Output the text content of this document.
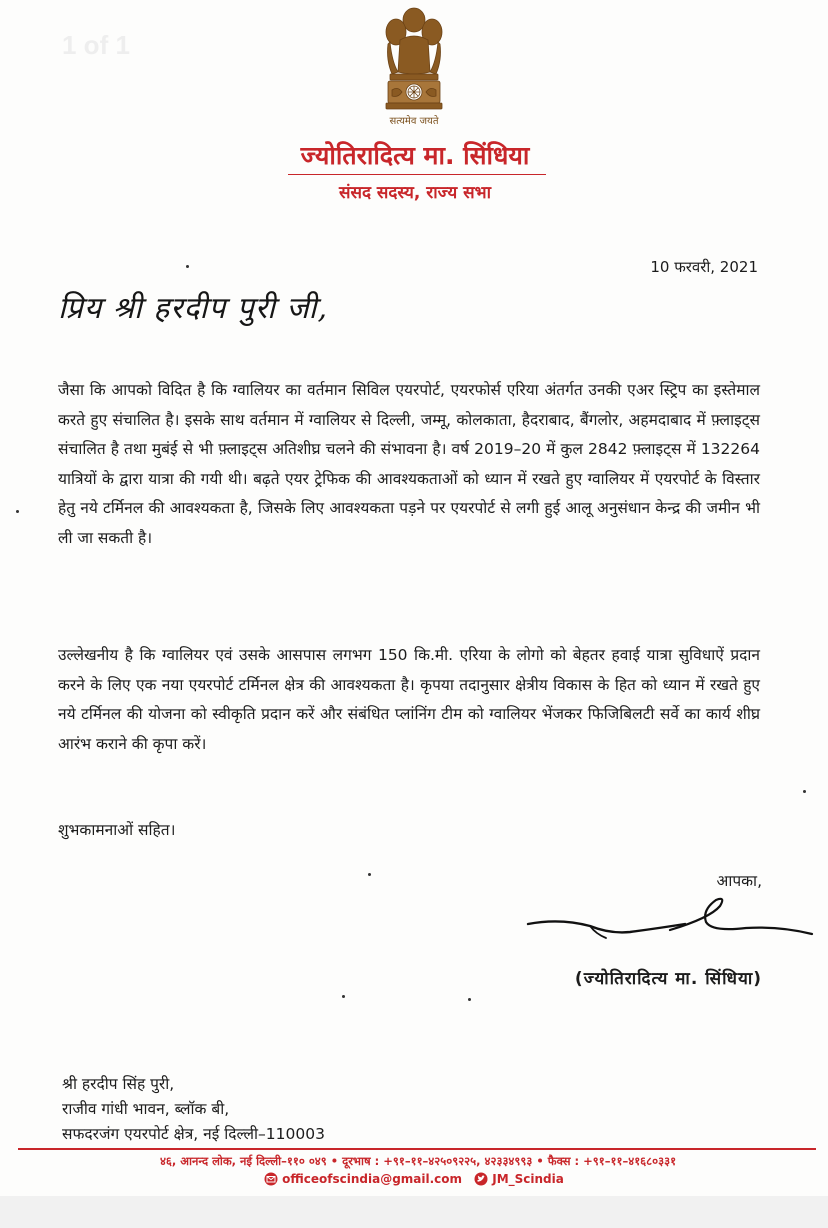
1 of 1
सत्यमेव जयते
ज्योतिरादित्य मा. सिंधिया
संसद सदस्य, राज्य सभा
10 फरवरी, 2021
प्रिय श्री हरदीप पुरी जी,
जैसा कि आपको विदित है कि ग्वालियर का वर्तमान सिविल एयरपोर्ट, एयरफोर्स एरिया अंतर्गत उनकी एअर स्ट्रिप का इस्तेमाल करते हुए संचालित है। इसके साथ वर्तमान में ग्वालियर से दिल्ली, जम्मू, कोलकाता, हैदराबाद, बैंगलोर, अहमदाबाद में फ़्लाइट्स संचालित है तथा मुबंई से भी फ़्लाइट्स अतिशीघ्र चलने की संभावना है। वर्ष 2019–20 में कुल 2842 फ़्लाइट्स में 132264 यात्रियों के द्वारा यात्रा की गयी थी। बढ़ते एयर ट्रेफिक की आवश्यकताओं को ध्यान में रखते हुए ग्वालियर में एयरपोर्ट के विस्तार हेतु नये टर्मिनल की आवश्यकता है, जिसके लिए आवश्यकता पड़ने पर एयरपोर्ट से लगी हुई आलू अनुसंधान केन्द्र की जमीन भी ली जा सकती है।
उल्लेखनीय है कि ग्वालियर एवं उसके आसपास लगभग 150 कि.मी. एरिया के लोगो को बेहतर हवाई यात्रा सुविधाऐं प्रदान करने के लिए एक नया एयरपोर्ट टर्मिनल क्षेत्र की आवश्यकता है। कृपया तदानुसार क्षेत्रीय विकास के हित को ध्यान में रखते हुए नये टर्मिनल की योजना को स्वीकृति प्रदान करें और संबंधित प्लांनिंग टीम को ग्वालियर भेंजकर फिजिबिलटी सर्वे का कार्य शीघ्र आरंभ कराने की कृपा करें।
शुभकामनाओं सहित।
आपका,
(ज्योतिरादित्य मा. सिंधिया)
श्री हरदीप सिंह पुरी,
राजीव गांधी भावन, ब्लॉक बी,
सफदरजंग एयरपोर्ट क्षेत्र, नई दिल्ली–110003
४६, आनन्द लोक, नई दिल्ली–११० ०४९ • दूरभाष : +९१–११–४२५०९२२५, ४२३३४९९३ • फैक्स : +९१–११–४१६८०३३१
officeofscindia@gmail.com
	JM_Scindia
